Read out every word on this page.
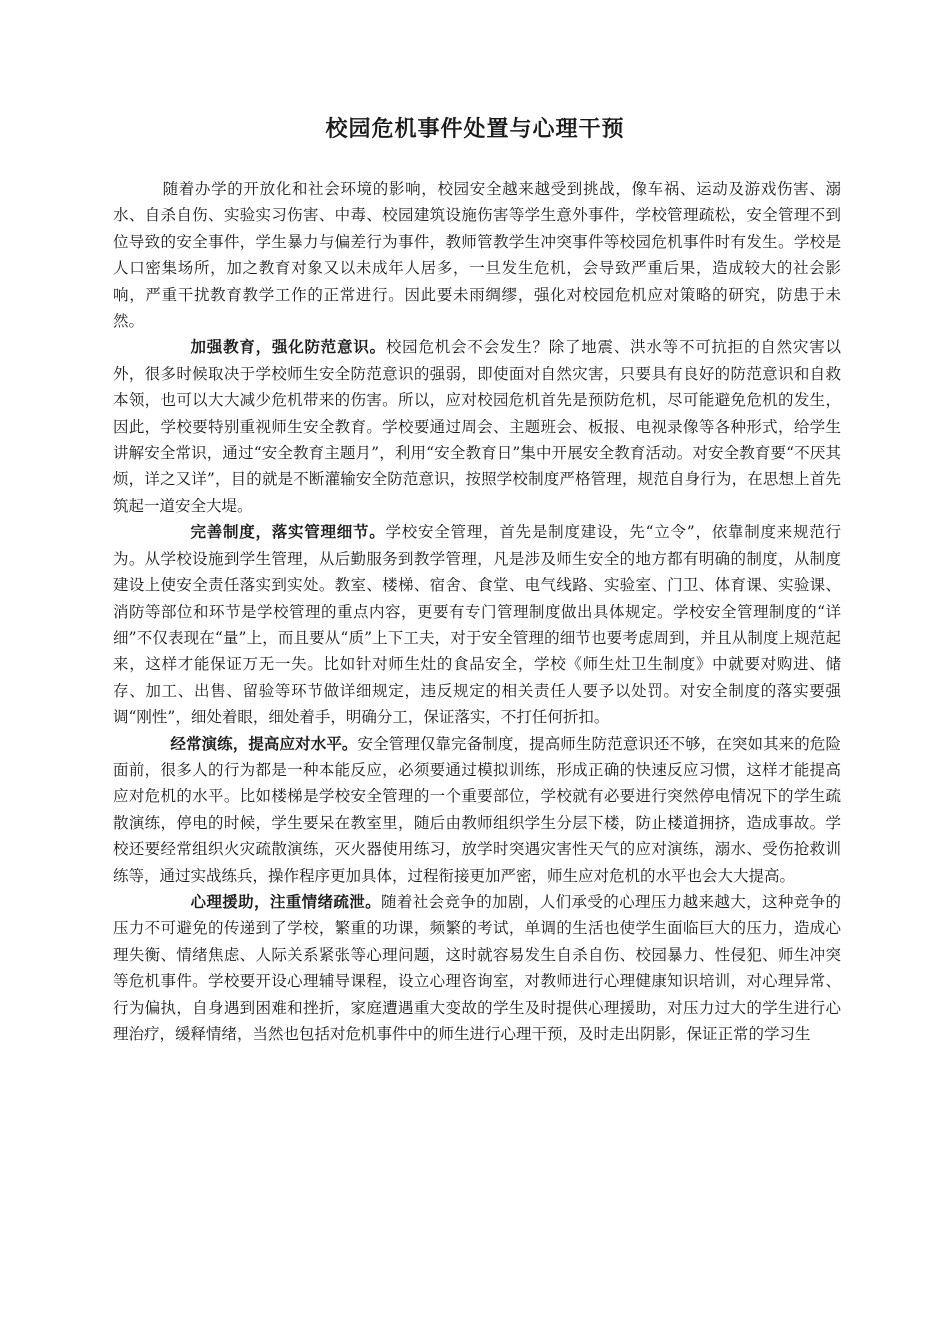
校园危机事件处置与心理干预

随着办学的开放化和社会环境的影响，校园安全越来越受到挑战，像车祸、运动及游戏伤害、溺水、自杀自伤、实验实习伤害、中毒、校园建筑设施伤害等学生意外事件，学校管理疏松，安全管理不到位导致的安全事件，学生暴力与偏差行为事件，教师管教学生冲突事件等校园危机事件时有发生。学校是人口密集场所，加之教育对象又以未成年人居多，一旦发生危机，会导致严重后果，造成较大的社会影响，严重干扰教育教学工作的正常进行。因此要未雨绸缪，强化对校园危机应对策略的研究，防患于未然。

加强教育，强化防范意识。校园危机会不会发生？除了地震、洪水等不可抗拒的自然灾害以外，很多时候取决于学校师生安全防范意识的强弱，即使面对自然灾害，只要具有良好的防范意识和自救本领，也可以大大减少危机带来的伤害。所以，应对校园危机首先是预防危机，尽可能避免危机的发生，因此，学校要特别重视师生安全教育。学校要通过周会、主题班会、板报、电视录像等各种形式，给学生讲解安全常识，通过“安全教育主题月”，利用“安全教育日”集中开展安全教育活动。对安全教育要“不厌其烦，详之又详”，目的就是不断灌输安全防范意识，按照学校制度严格管理，规范自身行为，在思想上首先筑起一道安全大堤。

完善制度，落实管理细节。学校安全管理，首先是制度建设，先“立令”，依靠制度来规范行为。从学校设施到学生管理，从后勤服务到教学管理，凡是涉及师生安全的地方都有明确的制度，从制度建设上使安全责任落实到实处。教室、楼梯、宿舍、食堂、电气线路、实验室、门卫、体育课、实验课、消防等部位和环节是学校管理的重点内容，更要有专门管理制度做出具体规定。学校安全管理制度的“详细”不仅表现在“量”上，而且要从“质”上下工夫，对于安全管理的细节也要考虑周到，并且从制度上规范起来，这样才能保证万无一失。比如针对师生灶的食品安全，学校《师生灶卫生制度》中就要对购进、储存、加工、出售、留验等环节做详细规定，违反规定的相关责任人要予以处罚。对安全制度的落实要强调“刚性”，细处着眼，细处着手，明确分工，保证落实，不打任何折扣。

经常演练，提高应对水平。安全管理仅靠完备制度，提高师生防范意识还不够，在突如其来的危险面前，很多人的行为都是一种本能反应，必须要通过模拟训练，形成正确的快速反应习惯，这样才能提高应对危机的水平。比如楼梯是学校安全管理的一个重要部位，学校就有必要进行突然停电情况下的学生疏散演练，停电的时候，学生要呆在教室里，随后由教师组织学生分层下楼，防止楼道拥挤，造成事故。学校还要经常组织火灾疏散演练，灭火器使用练习，放学时突遇灾害性天气的应对演练，溺水、受伤抢救训练等，通过实战练兵，操作程序更加具体，过程衔接更加严密，师生应对危机的水平也会大大提高。

心理援助，注重情绪疏泄。随着社会竞争的加剧，人们承受的心理压力越来越大，这种竞争的压力不可避免的传递到了学校，繁重的功课，频繁的考试，单调的生活也使学生面临巨大的压力，造成心理失衡、情绪焦虑、人际关系紧张等心理问题，这时就容易发生自杀自伤、校园暴力、性侵犯、师生冲突等危机事件。学校要开设心理辅导课程，设立心理咨询室，对教师进行心理健康知识培训，对心理异常、行为偏执，自身遇到困难和挫折，家庭遭遇重大变故的学生及时提供心理援助，对压力过大的学生进行心理治疗，缓释情绪，当然也包括对危机事件中的师生进行心理干预，及时走出阴影，保证正常的学习生
